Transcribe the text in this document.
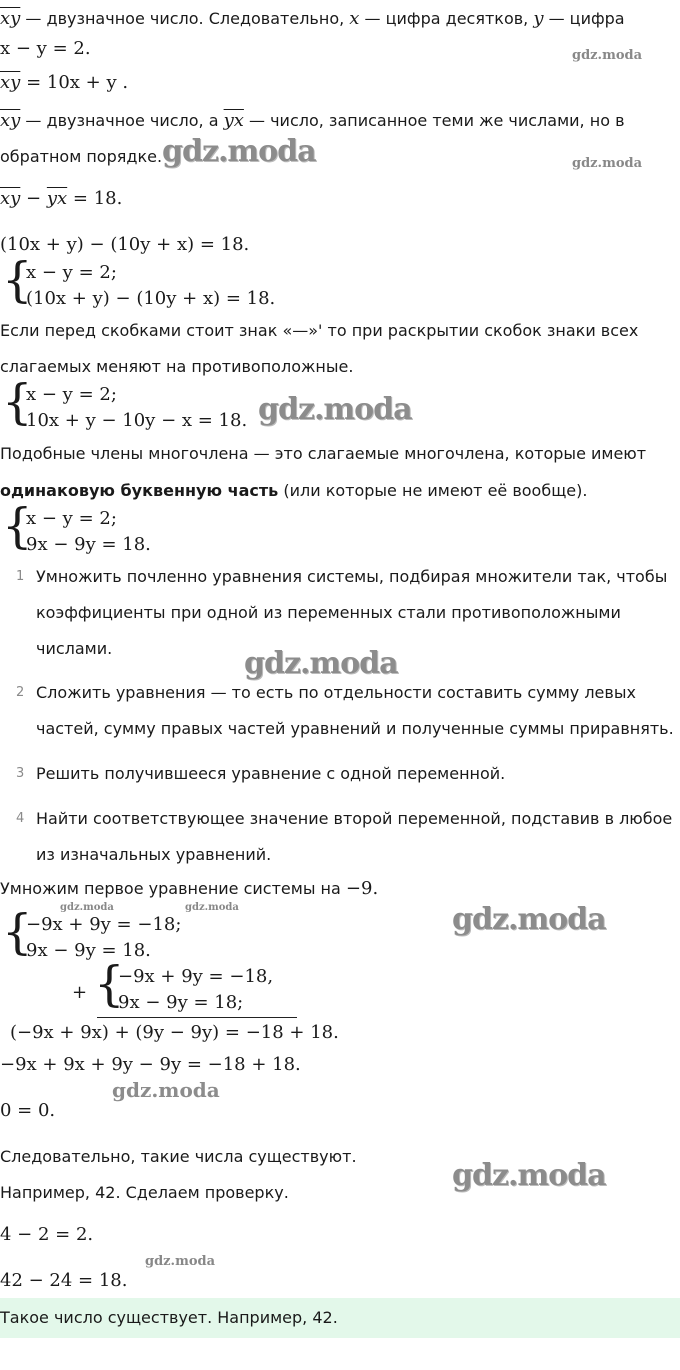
$\overline{xy}$ — двузначное число. Следовательно, x — цифра десятков, y — цифра
x − y = 2.	gdz.moda
$\overline{xy} = 10x + y$ .
$\overline{xy}$ — двузначное число, а $\overline{yx}$ — число, записанное теми же числами, но в
обратном порядке. gdz.moda	gdz.moda
$\overline{xy} - \overline{yx} = 18$.
(10x + y) − (10y + x) = 18.
{
x − y = 2;
(10x + y) − (10y + x) = 18.
Если перед скобками стоит знак «—»' то при раскрытии скобок знаки всех
слагаемых меняют на противоположные.
{
x − y = 2;
10x + y − 10y − x = 18. gdz.moda
Подобные члены многочлена — это слагаемые многочлена, которые имеют
одинаковую буквенную часть (или которые не имеют её вообще).
{
x − y = 2;
9x − 9y = 18.
1 Умножить почленно уравнения системы, подбирая множители так, чтобы
коэффициенты при одной из переменных стали противоположными
числами.
2 Сложить уравнения — то есть по отдельности составить сумму левых
частей, сумму правых частей уравнений и полученные суммы приравнять.
3 Решить получившееся уравнение с одной переменной.
4 Найти соответствующее значение второй переменной, подставив в любое
из изначальных уравнений.
gdz.moda
Умножим первое уравнение системы на −9.
gdz.moda	gdz.moda	gdz.moda
{
−9x + 9y = −18;
9x − 9y = 18.
+ {
−9x + 9y = −18,
9x − 9y = 18;
(−9x + 9x) + (9y − 9y) = −18 + 18.
−9x + 9x + 9y − 9y = −18 + 18.
gdz.moda
0 = 0.
Следовательно, такие числа существуют.
Например, 42. Сделаем проверку.	gdz.moda
4 − 2 = 2.
gdz.moda
42 − 24 = 18.
Такое число существует. Например, 42.
